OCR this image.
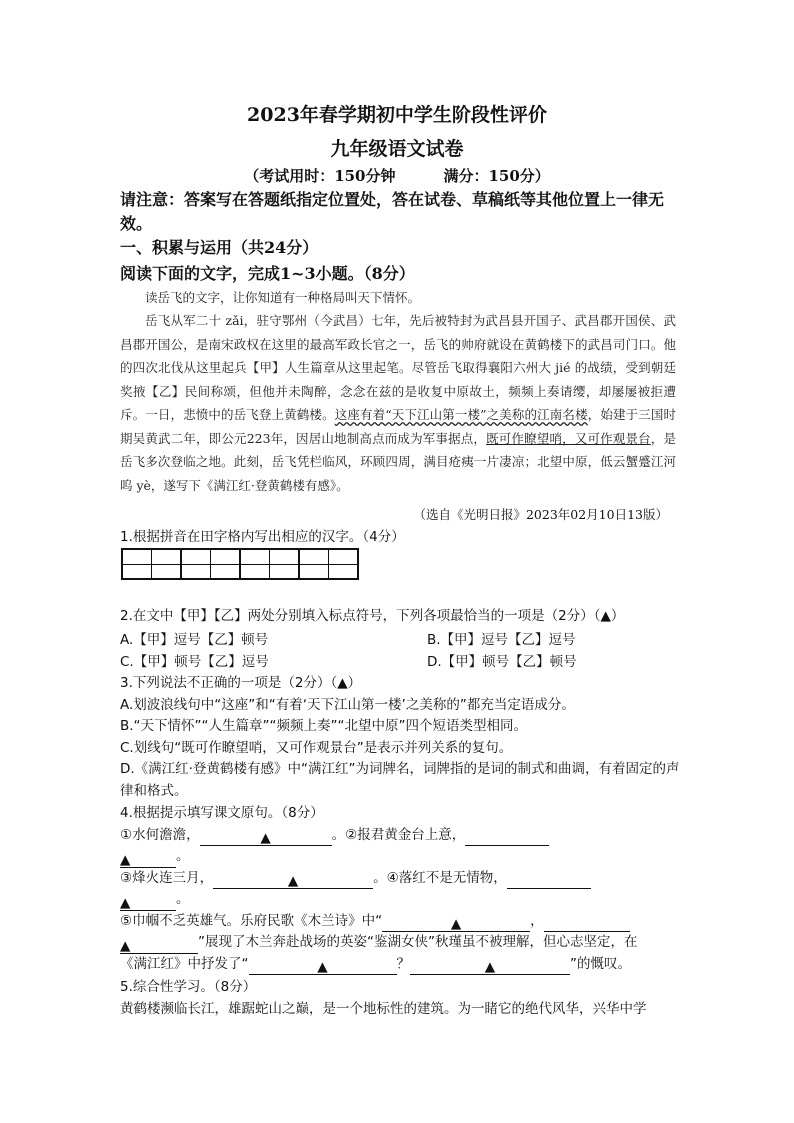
2023年春学期初中学生阶段性评价
九年级语文试卷
（考试用时：150分钟	满分：150分）
请注意：答案写在答题纸指定位置处，答在试卷、草稿纸等其他位置上一律无效。
一、积累与运用（共24分）
阅读下面的文字，完成1~3小题。（8分）
读岳飞的文字，让你知道有一种格局叫天下情怀。
岳飞从军二十 zǎi，驻守鄂州（今武昌）七年，先后被特封为武昌县开国子、武昌郡开国侯、武昌郡开国公，是南宋政权在这里的最高军政长官之一，岳飞的帅府就设在黄鹤楼下的武昌司门口。他的四次北伐从这里起兵【甲】人生篇章从这里起笔。尽管岳飞取得襄阳六州大 jié 的战绩，受到朝廷奖掖【乙】民间称颂，但他并未陶醉，念念在兹的是收复中原故土，频频上奏请缨，却屡屡被拒遭斥。一日，悲愤中的岳飞登上黄鹤楼。这座有着“天下江山第一楼”之美称的江南名楼，始建于三国时期吴黄武二年，即公元223年，因居山地制高点而成为军事据点，既可作瞭望哨，又可作观景台，是岳飞多次登临之地。此刻，岳飞凭栏临风，环顾四周，满目疮痍一片凄凉；北望中原，低云蟹蹙江河呜 yè，遂写下《满江红·登黄鹤楼有感》。
（选自《光明日报》2023年02月10日13版）
1.根据拼音在田字格内写出相应的汉字。（4分）
2.在文中【甲】【乙】两处分别填入标点符号，下列各项最恰当的一项是（2分）（▲）
A.【甲】逗号【乙】顿号	B.【甲】逗号【乙】逗号
C.【甲】顿号【乙】逗号	D.【甲】顿号【乙】顿号
3.下列说法不正确的一项是（2分）（▲）
A.划波浪线句中“这座”和“有着‘天下江山第一楼’之美称的”都充当定语成分。
B.“天下情怀”“人生篇章”“频频上奏”“北望中原”四个短语类型相同。
C.划线句“既可作瞭望哨，又可作观景台”是表示并列关系的复句。
D.《满江红·登黄鹤楼有感》中“满江红”为词牌名，词牌指的是词的制式和曲调，有着固定的声律和格式。
4.根据提示填写课文原句。（8分）
①水何澹澹，	▲	。②报君黄金台上意，
▲	。
③烽火连三月，	▲	。④落红不是无情物，
▲	。
⑤巾帼不乏英雄气。乐府民歌《木兰诗》中“	▲	，
▲	”展现了木兰奔赴战场的英姿“鉴湖女侠”秋瑾虽不被理解，但心志坚定，在
《满江红》中抒发了“	▲	？	▲	”的慨叹。
5.综合性学习。（8分）
黄鹤楼濒临长江，雄踞蛇山之巅，是一个地标性的建筑。为一睹它的绝代风华，兴华中学
